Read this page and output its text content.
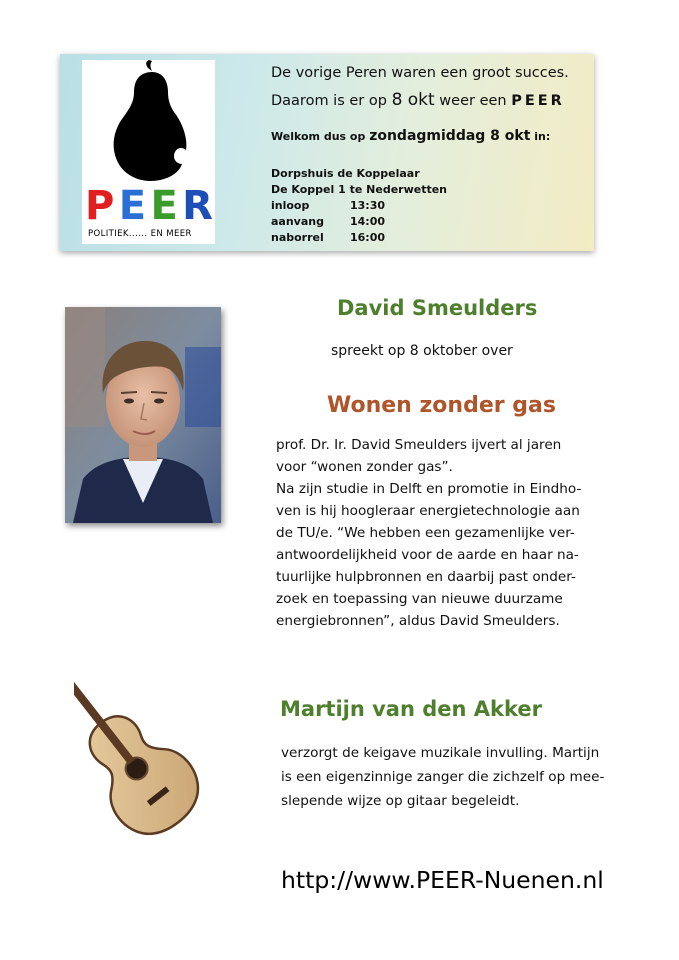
P E E R
POLITIEK...... EN MEER
De vorige Peren waren een groot succes.
Daarom is er op 8 okt weer een PEER
Welkom dus op zondagmiddag 8 okt in:
Dorpshuis de Koppelaar
De Koppel 1 te Nederwetten
inloop	13:30
aanvang 14:00
naborrel 16:00
David Smeulders
spreekt op 8 oktober over
Wonen zonder gas
prof. Dr. Ir. David Smeulders ijvert al jaren
voor “wonen zonder gas”.
Na zijn studie in Delft en promotie in Eindho-
ven is hij hoogleraar energietechnologie aan
de TU/e. “We hebben een gezamenlijke ver-
antwoordelijkheid voor de aarde en haar na-
tuurlijke hulpbronnen en daarbij past onder-
zoek en toepassing van nieuwe duurzame
energiebronnen”, aldus David Smeulders.
Martijn van den Akker
verzorgt de keigave muzikale invulling. Martijn
is een eigenzinnige zanger die zichzelf op mee-
slepende wijze op gitaar begeleidt.
http://www.PEER-Nuenen.nl
